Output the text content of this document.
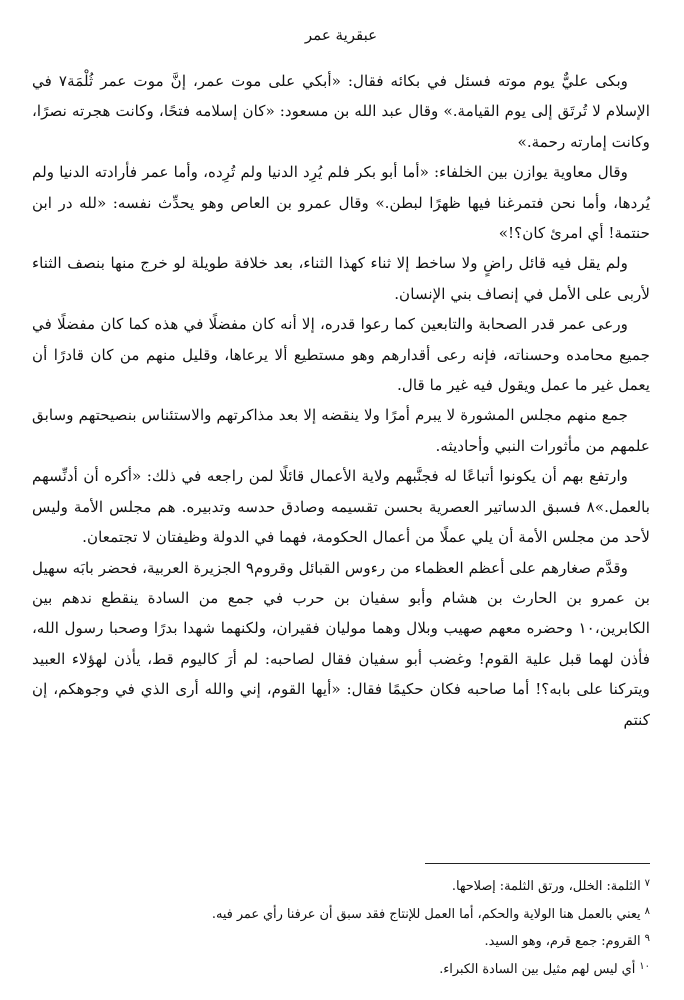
عبقرية عمر

وبكى عليٌّ يوم موته فسئل في بكائه فقال: «أبكي على موت عمر، إنَّ موت عمر ثُلْمَة٧ في الإسلام لا تُرتَق إلى يوم القيامة.» وقال عبد الله بن مسعود: «كان إسلامه فتحًا، وكانت هجرته نصرًا، وكانت إمارته رحمة.»

وقال معاوية يوازن بين الخلفاء: «أما أبو بكر فلم يُرِد الدنيا ولم تُرِده، وأما عمر فأرادته الدنيا ولم يُردها، وأما نحن فتمرغنا فيها ظهرًا لبطن.» وقال عمرو بن العاص وهو يحدِّث نفسه: «لله در ابن حنتمة! أي امرئ كان؟!»

ولم يقل فيه قائل راضٍ ولا ساخط إلا ثناء كهذا الثناء، بعد خلافة طويلة لو خرج منها بنصف الثناء لأربى على الأمل في إنصاف بني الإنسان.

ورعى عمر قدر الصحابة والتابعين كما رعوا قدره، إلا أنه كان مفضلًا في هذه كما كان مفضلًا في جميع محامده وحسناته، فإنه رعى أقدارهم وهو مستطيع ألا يرعاها، وقليل منهم من كان قادرًا أن يعمل غير ما عمل ويقول فيه غير ما قال.

جمع منهم مجلس المشورة لا يبرم أمرًا ولا ينقضه إلا بعد مذاكرتهم والاستئناس بنصيحتهم وسابق علمهم من مأثورات النبي وأحاديثه.

وارتفع بهم أن يكونوا أتباعًا له فجنَّبهم ولاية الأعمال قائلًا لمن راجعه في ذلك: «أكره أن أدنِّسهم بالعمل.»٨ فسبق الدساتير العصرية بحسن تقسيمه وصادق حدسه وتدبيره. هم مجلس الأمة وليس لأحد من مجلس الأمة أن يلي عملًا من أعمال الحكومة، فهما في الدولة وظيفتان لا تجتمعان.

وقدَّم صغارهم على أعظم العظماء من رءوس القبائل وقروم٩ الجزيرة العربية، فحضر بابَه سهيل بن عمرو بن الحارث بن هشام وأبو سفيان بن حرب في جمع من السادة ينقطع ندهم بين الكابرين،١٠ وحضره معهم صهيب وبلال وهما موليان فقيران، ولكنهما شهدا بدرًا وصحبا رسول الله، فأذن لهما قبل علية القوم! وغضب أبو سفيان فقال لصاحبه: لم أرَ كاليوم قط، يأذن لهؤلاء العبيد ويتركنا على بابه؟! أما صاحبه فكان حكيمًا فقال: «أيها القوم، إني والله أرى الذي في وجوهكم، إن كنتم

$^٧$الثلمة: الخلل، ورتق الثلمة: إصلاحها.

$^٨$يعني بالعمل هنا الولاية والحكم، أما العمل للإنتاج فقد سبق أن عرفنا رأي عمر فيه.

$^٩$القروم: جمع قرم، وهو السيد.

$^{١٠}$أي ليس لهم مثيل بين السادة الكبراء.
